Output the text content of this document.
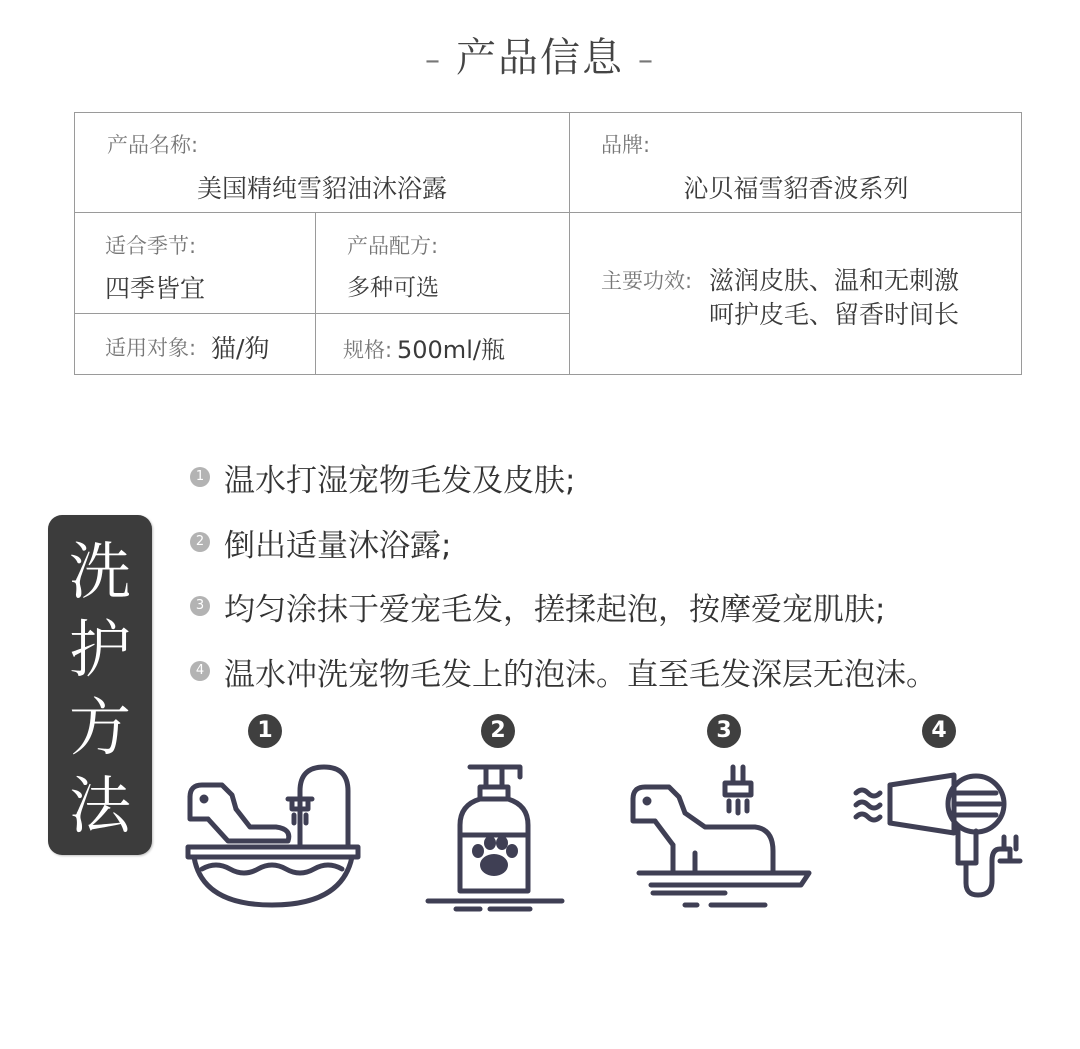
– 产品信息 –
产品名称:
美国精纯雪貂油沐浴露
品牌:
沁贝福雪貂香波系列
适合季节:
四季皆宜
产品配方:
多种可选	主要功效: 滋润皮肤、温和无刺激
呵护皮毛、留香时间长
适用对象: 猫/狗	规格: 500ml/瓶
洗
护
方
法
1 温水打湿宠物毛发及皮肤;
2 倒出适量沐浴露;
3 均匀涂抹于爱宠毛发，搓揉起泡，按摩爱宠肌肤;
4 温水冲洗宠物毛发上的泡沫。直至毛发深层无泡沫。
1	2	3	4
